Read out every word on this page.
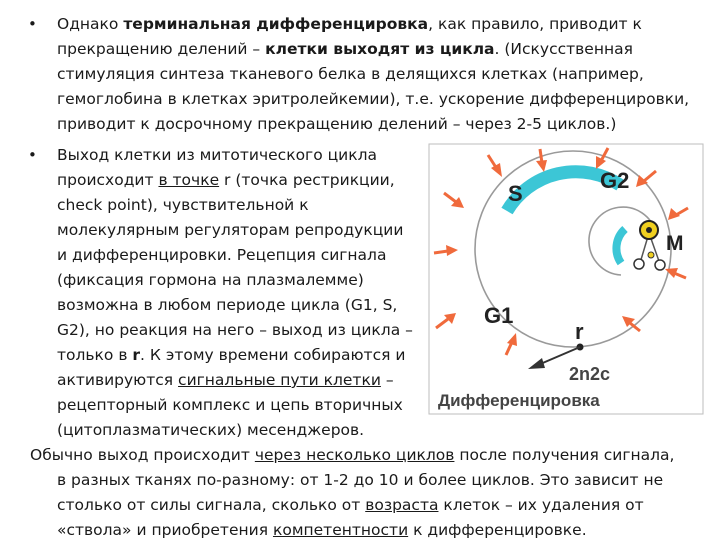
• Однако терминальная дифференцировка, как правило, приводит к
прекращению делений – клетки выходят из цикла. (Искусственная
стимуляция синтеза тканевого белка в делящихся клетках (например,
гемоглобина в клетках эритролейкемии), т.е. ускорение дифференцировки,
приводит к досрочному прекращению делений – через 2-5 циклов.)
• Выход клетки из митотического цикла
происходит в точке r (точка рестрикции,
check point), чувствительной к
молекулярным регуляторам репродукции
и дифференцировки. Рецепция сигнала
(фиксация гормона на плазмалемме)
возможна в любом периоде цикла (G1, S,
G2), но реакция на него – выход из цикла –
только в r. К этому времени собираются и
активируются сигнальные пути клетки –
рецепторный комплекс и цепь вторичных
(цитоплазматических) месенджеров.
Обычно выход происходит через несколько циклов после получения сигнала,
в разных тканях по-разному: от 1-2 до 10 и более циклов. Это зависит не
столько от силы сигнала, сколько от возраста клеток – их удаления от
«ствола» и приобретения компетентности к дифференцировке.
S
G2
M
G1
r
2n2c
Дифференцировка
